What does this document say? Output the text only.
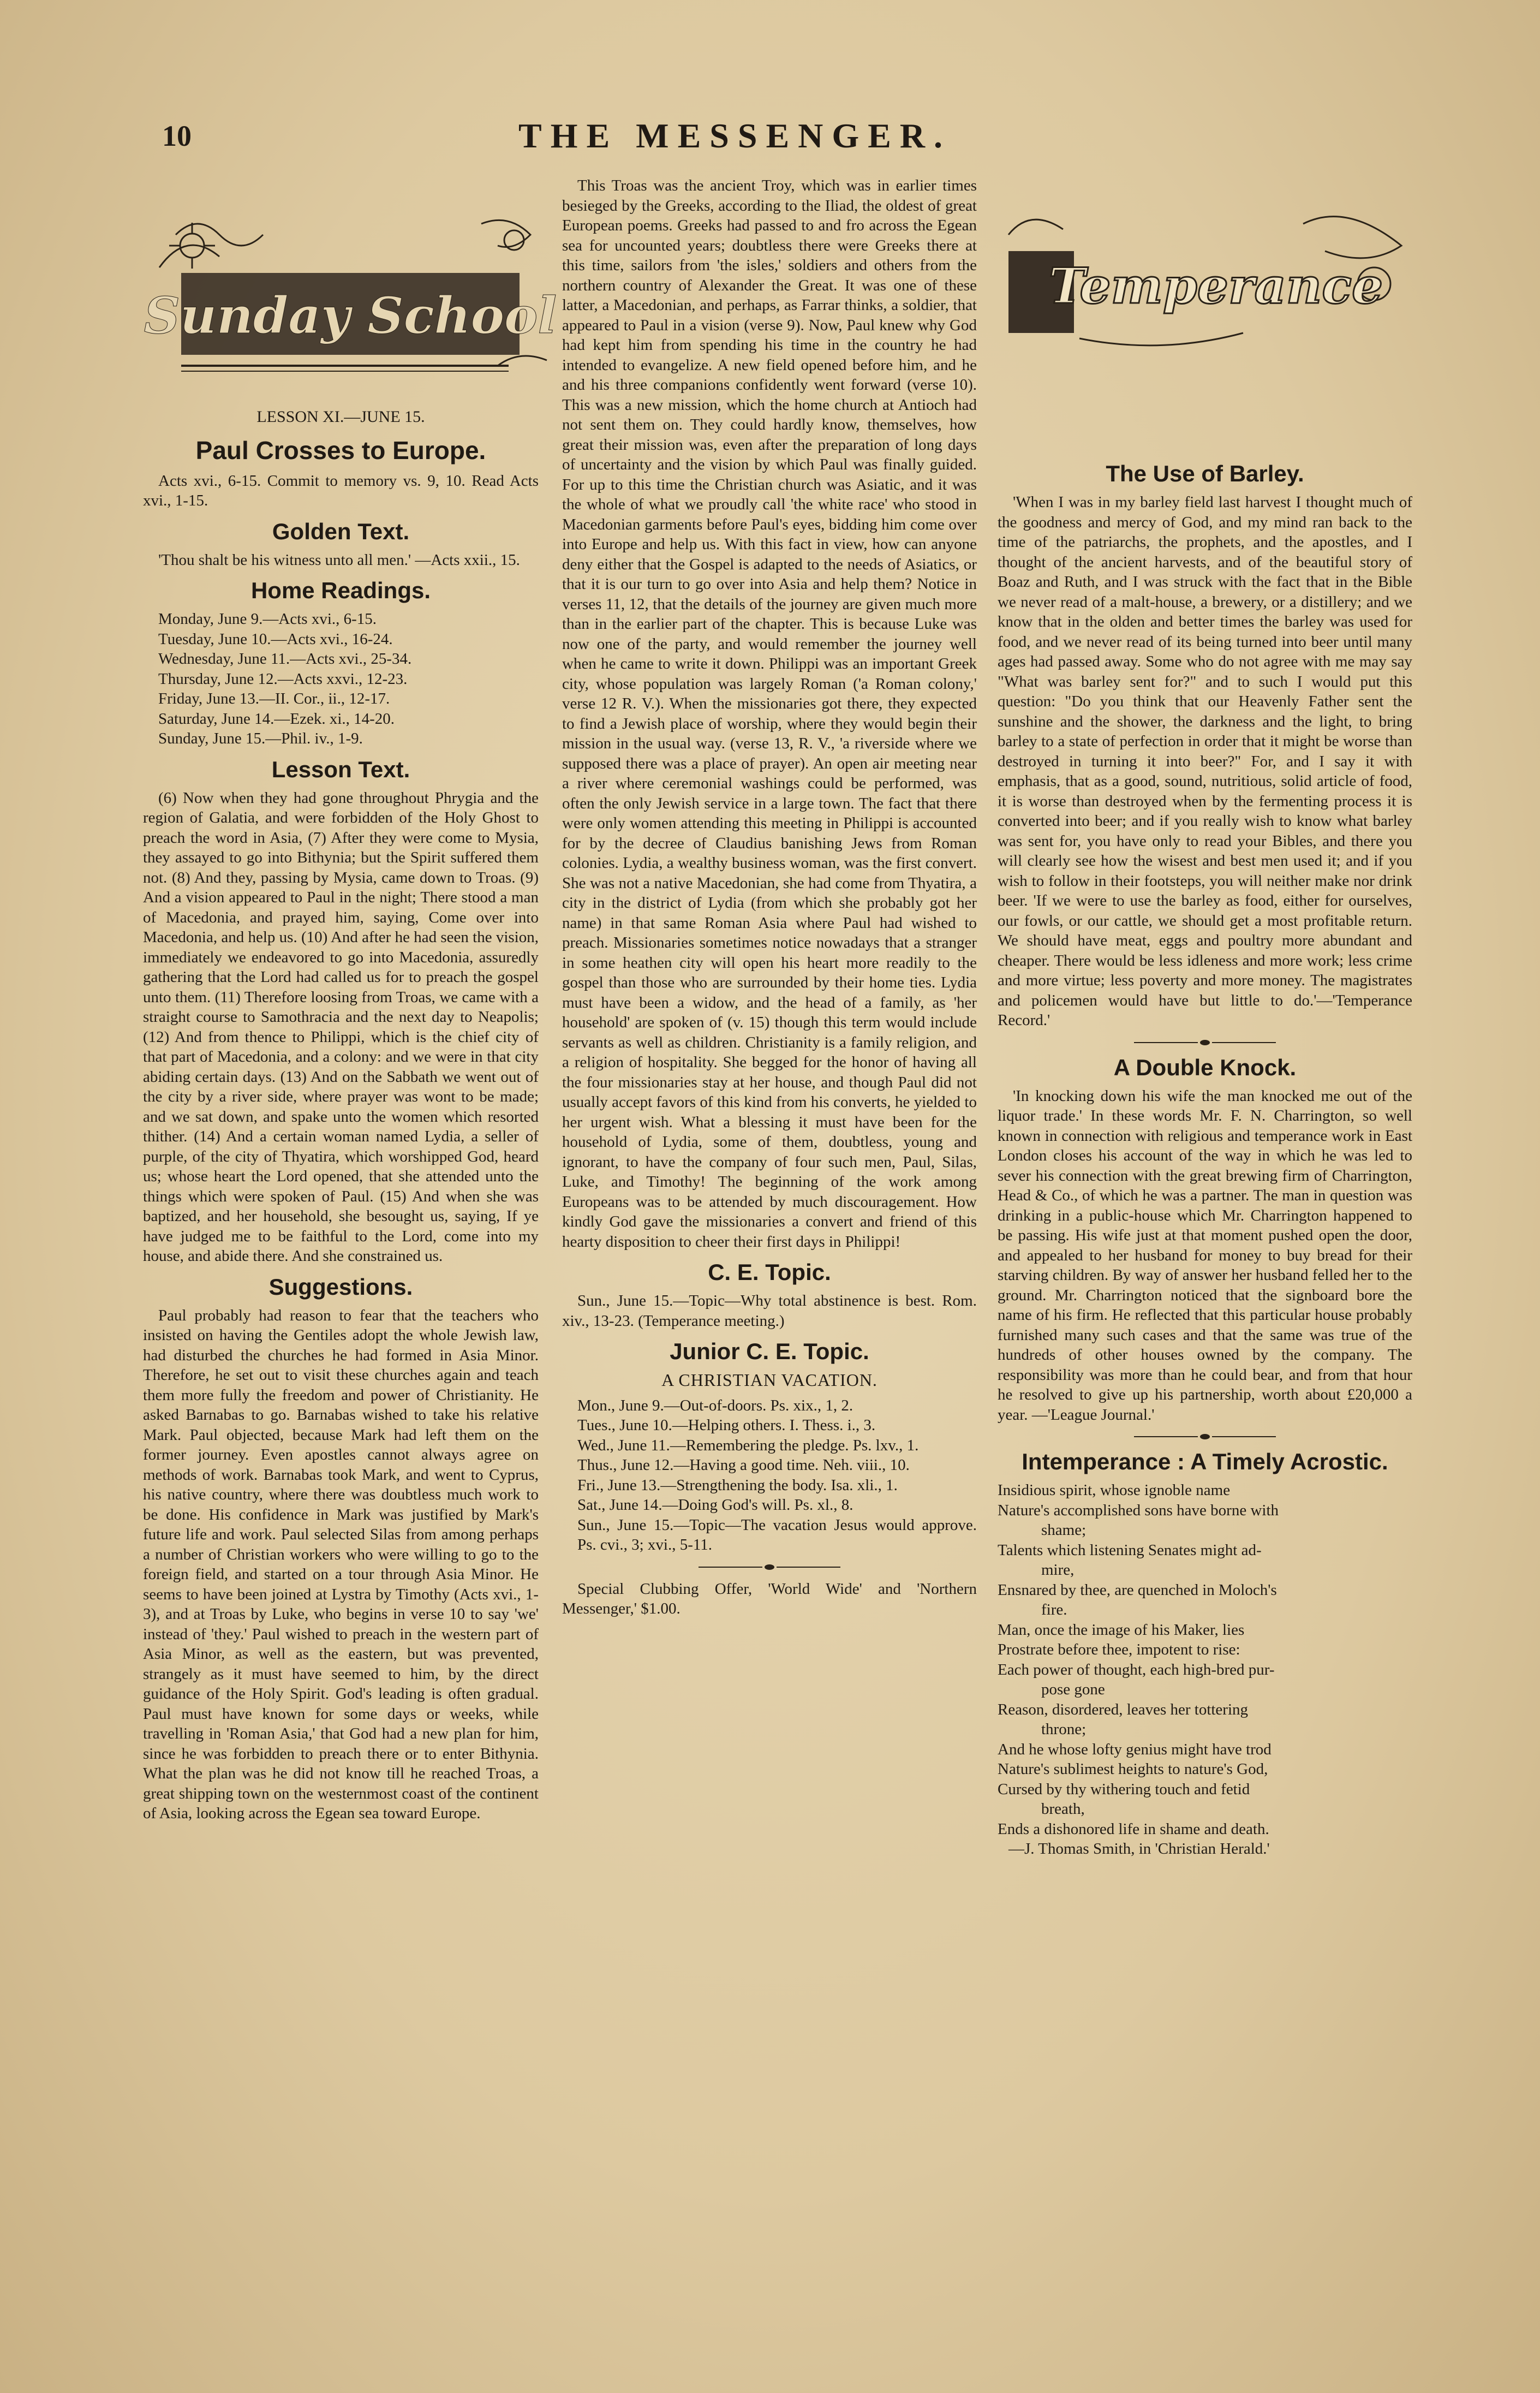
10	THE MESSENGER.
Sunday School	Temperance
LESSON XI.—JUNE 15.
Paul Crosses to Europe.

Acts xvi., 6-15. Commit to memory vs. 9, 10. Read Acts xvi., 1-15.

Golden Text.

'Thou shalt be his witness unto all men.' —Acts xxii., 15.

Home Readings.
Monday, June 9.—Acts xvi., 6-15.
Tuesday, June 10.—Acts xvi., 16-24.
Wednesday, June 11.—Acts xvi., 25-34.
Thursday, June 12.—Acts xxvi., 12-23.
Friday, June 13.—II. Cor., ii., 12-17.
Saturday, June 14.—Ezek. xi., 14-20.
Sunday, June 15.—Phil. iv., 1-9.
Lesson Text.

(6) Now when they had gone throughout Phrygia and the region of Galatia, and were forbidden of the Holy Ghost to preach the word in Asia, (7) After they were come to Mysia, they assayed to go into Bithynia; but the Spirit suffered them not. (8) And they, passing by Mysia, came down to Troas. (9) And a vision appeared to Paul in the night; There stood a man of Macedonia, and prayed him, saying, Come over into Macedonia, and help us. (10) And after he had seen the vision, immediately we endeavored to go into Macedonia, assuredly gathering that the Lord had called us for to preach the gospel unto them. (11) Therefore loosing from Troas, we came with a straight course to Samothracia and the next day to Neapolis; (12) And from thence to Philippi, which is the chief city of that part of Macedonia, and a colony: and we were in that city abiding certain days. (13) And on the Sabbath we went out of the city by a river side, where prayer was wont to be made; and we sat down, and spake unto the women which resorted thither. (14) And a certain woman named Lydia, a seller of purple, of the city of Thyatira, which worshipped God, heard us; whose heart the Lord opened, that she attended unto the things which were spoken of Paul. (15) And when she was baptized, and her household, she besought us, saying, If ye have judged me to be faithful to the Lord, come into my house, and abide there. And she constrained us.

Suggestions.

Paul probably had reason to fear that the teachers who insisted on having the Gentiles adopt the whole Jewish law, had disturbed the churches he had formed in Asia Minor. Therefore, he set out to visit these churches again and teach them more fully the freedom and power of Christianity. He asked Barnabas to go. Barnabas wished to take his relative Mark. Paul objected, because Mark had left them on the former journey. Even apostles cannot always agree on methods of work. Barnabas took Mark, and went to Cyprus, his native country, where there was doubtless much work to be done. His confidence in Mark was justified by Mark's future life and work. Paul selected Silas from among perhaps a number of Christian workers who were willing to go to the foreign field, and started on a tour through Asia Minor. He seems to have been joined at Lystra by Timothy (Acts xvi., 1-3), and at Troas by Luke, who begins in verse 10 to say 'we' instead of 'they.' Paul wished to preach in the western part of Asia Minor, as well as the eastern, but was prevented, strangely as it must have seemed to him, by the direct guidance of the Holy Spirit. God's leading is often gradual. Paul must have known for some days or weeks, while travelling in 'Roman Asia,' that God had a new plan for him, since he was forbidden to preach there or to enter Bithynia. What the plan was he did not know till he reached Troas, a great shipping town on the westernmost coast of the continent of Asia, looking across the Egean sea toward Europe.

This Troas was the ancient Troy, which was in earlier times besieged by the Greeks, according to the Iliad, the oldest of great European poems. Greeks had passed to and fro across the Egean sea for uncounted years; doubtless there were Greeks there at this time, sailors from 'the isles,' soldiers and others from the northern country of Alexander the Great. It was one of these latter, a Macedonian, and perhaps, as Farrar thinks, a soldier, that appeared to Paul in a vision (verse 9). Now, Paul knew why God had kept him from spending his time in the country he had intended to evangelize. A new field opened before him, and he and his three companions confidently went forward (verse 10). This was a new mission, which the home church at Antioch had not sent them on. They could hardly know, themselves, how great their mission was, even after the preparation of long days of uncertainty and the vision by which Paul was finally guided. For up to this time the Christian church was Asiatic, and it was the whole of what we proudly call 'the white race' who stood in Macedonian garments before Paul's eyes, bidding him come over into Europe and help us. With this fact in view, how can anyone deny either that the Gospel is adapted to the needs of Asiatics, or that it is our turn to go over into Asia and help them? Notice in verses 11, 12, that the details of the journey are given much more than in the earlier part of the chapter. This is because Luke was now one of the party, and would remember the journey well when he came to write it down. Philippi was an important Greek city, whose population was largely Roman ('a Roman colony,' verse 12 R. V.). When the missionaries got there, they expected to find a Jewish place of worship, where they would begin their mission in the usual way. (verse 13, R. V., 'a riverside where we supposed there was a place of prayer). An open air meeting near a river where ceremonial washings could be performed, was often the only Jewish service in a large town. The fact that there were only women attending this meeting in Philippi is accounted for by the decree of Claudius banishing Jews from Roman colonies. Lydia, a wealthy business woman, was the first convert. She was not a native Macedonian, she had come from Thyatira, a city in the district of Lydia (from which she probably got her name) in that same Roman Asia where Paul had wished to preach. Missionaries sometimes notice nowadays that a stranger in some heathen city will open his heart more readily to the gospel than those who are surrounded by their home ties. Lydia must have been a widow, and the head of a family, as 'her household' are spoken of (v. 15) though this term would include servants as well as children. Christianity is a family religion, and a religion of hospitality. She begged for the honor of having all the four missionaries stay at her house, and though Paul did not usually accept favors of this kind from his converts, he yielded to her urgent wish. What a blessing it must have been for the household of Lydia, some of them, doubtless, young and ignorant, to have the company of four such men, Paul, Silas, Luke, and Timothy! The beginning of the work among Europeans was to be attended by much discouragement. How kindly God gave the missionaries a convert and friend of this hearty disposition to cheer their first days in Philippi!

C. E. Topic.

Sun., June 15.—Topic—Why total abstinence is best. Rom. xiv., 13-23. (Temperance meeting.)

Junior C. E. Topic.
A CHRISTIAN VACATION.
Mon., June 9.—Out-of-doors. Ps. xix., 1, 2.
Tues., June 10.—Helping others. I. Thess. i., 3.
Wed., June 11.—Remembering the pledge. Ps. lxv., 1.
Thus., June 12.—Having a good time. Neh. viii., 10.
Fri., June 13.—Strengthening the body. Isa. xli., 1.
Sat., June 14.—Doing God's will. Ps. xl., 8.
Sun., June 15.—Topic—The vacation Jesus would approve. Ps. cvi., 3; xvi., 5-11.

Special Clubbing Offer, 'World Wide' and 'Northern Messenger,' $1.00.

The Use of Barley.

'When I was in my barley field last harvest I thought much of the goodness and mercy of God, and my mind ran back to the time of the patriarchs, the prophets, and the apostles, and I thought of the ancient harvests, and of the beautiful story of Boaz and Ruth, and I was struck with the fact that in the Bible we never read of a malt-house, a brewery, or a distillery; and we know that in the olden and better times the barley was used for food, and we never read of its being turned into beer until many ages had passed away. Some who do not agree with me may say "What was barley sent for?" and to such I would put this question: "Do you think that our Heavenly Father sent the sunshine and the shower, the darkness and the light, to bring barley to a state of perfection in order that it might be worse than destroyed in turning it into beer?" For, and I say it with emphasis, that as a good, sound, nutritious, solid article of food, it is worse than destroyed when by the fermenting process it is converted into beer; and if you really wish to know what barley was sent for, you have only to read your Bibles, and there you will clearly see how the wisest and best men used it; and if you wish to follow in their footsteps, you will neither make nor drink beer. 'If we were to use the barley as food, either for ourselves, our fowls, or our cattle, we should get a most profitable return. We should have meat, eggs and poultry more abundant and cheaper. There would be less idleness and more work; less crime and more virtue; less poverty and more money. The magistrates and policemen would have but little to do.'—'Temperance Record.'

A Double Knock.

'In knocking down his wife the man knocked me out of the liquor trade.' In these words Mr. F. N. Charrington, so well known in connection with religious and temperance work in East London closes his account of the way in which he was led to sever his connection with the great brewing firm of Charrington, Head & Co., of which he was a partner. The man in question was drinking in a public-house which Mr. Charrington happened to be passing. His wife just at that moment pushed open the door, and appealed to her husband for money to buy bread for their starving children. By way of answer her husband felled her to the ground. Mr. Charrington noticed that the signboard bore the name of his firm. He reflected that this particular house probably furnished many such cases and that the same was true of the hundreds of other houses owned by the company. The responsibility was more than he could bear, and from that hour he resolved to give up his partnership, worth about £20,000 a year. —'League Journal.'

Intemperance : A Timely Acrostic.
Insidious spirit, whose ignoble name
Nature's accomplished sons have borne with
shame;
Talents which listening Senates might ad-
mire,
Ensnared by thee, are quenched in Moloch's
fire.
Man, once the image of his Maker, lies
Prostrate before thee, impotent to rise:
Each power of thought, each high-bred pur-
pose gone
Reason, disordered, leaves her tottering
throne;
And he whose lofty genius might have trod
Nature's sublimest heights to nature's God,
Cursed by thy withering touch and fetid
breath,
Ends a dishonored life in shame and death.
—J. Thomas Smith, in 'Christian Herald.'
